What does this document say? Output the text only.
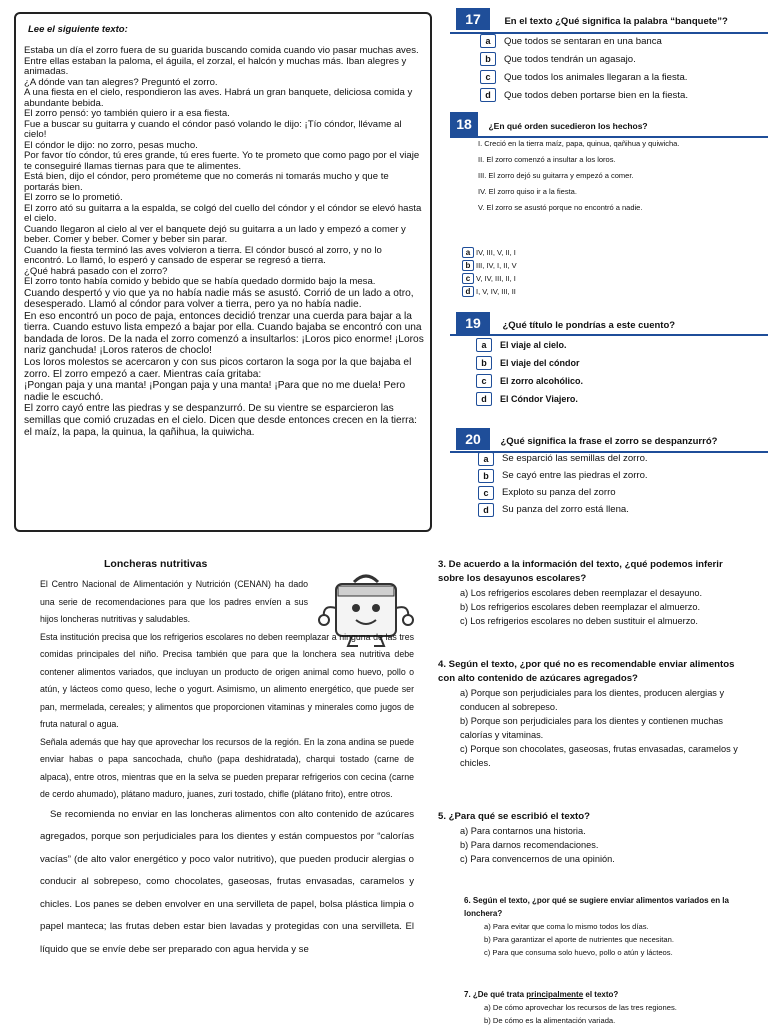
Lee el siguiente texto:

Estaba un día el zorro fuera de su guarida buscando comida cuando vio pasar muchas aves.

Entre ellas estaban la paloma, el águila, el zorzal, el halcón y muchas más. Iban alegres y animadas.

¿A dónde van tan alegres? Preguntó el zorro.

A una fiesta en el cielo, respondieron las aves. Habrá un gran banquete, deliciosa comida y abundante bebida.

El zorro pensó: yo también quiero ir a esa fiesta.

Fue a buscar su guitarra y cuando el cóndor pasó volando le dijo: ¡Tío cóndor, llévame al cielo!

El cóndor le dijo: no zorro, pesas mucho.

Por favor tío cóndor, tú eres grande, tú eres fuerte. Yo te prometo que como pago por el viaje te conseguiré llamas tiernas para que te alimentes.

Está bien, dijo el cóndor, pero prométeme que no comerás ni tomarás mucho y que te portarás bien.

El zorro se lo prometió.

El zorro ató su guitarra a la espalda, se colgó del cuello del cóndor y el cóndor se elevó hasta el cielo.

Cuando llegaron al cielo al ver el banquete dejó su guitarra a un lado y empezó a comer y beber. Comer y beber. Comer y beber sin parar.

Cuando la fiesta terminó las aves volvieron a tierra. El cóndor buscó al zorro, y no lo encontró. Lo llamó, lo esperó y cansado de esperar se regresó a tierra.

¿Qué habrá pasado con el zorro?

El zorro tonto había comido y bebido que se había quedado dormido bajo la mesa.

Cuando despertó y vio que ya no había nadie más se asustó. Corrió de un lado a otro, desesperado. Llamó al cóndor para volver a tierra, pero ya no había nadie.

En eso encontró un poco de paja, entonces decidió trenzar una cuerda para bajar a la tierra. Cuando estuvo lista empezó a bajar por ella. Cuando bajaba se encontró con una bandada de loros. De la nada el zorro comenzó a insultarlos: ¡Loros pico enorme! ¡Loros nariz ganchuda! ¡Loros rateros de choclo!

Los loros molestos se acercaron y con sus picos cortaron la soga por la que bajaba el zorro. El zorro empezó a caer. Mientras caía gritaba:

¡Pongan paja y una manta! ¡Pongan paja y una manta! ¡Para que no me duela! Pero nadie le escuchó.

El zorro cayó entre las piedras y se despanzurró. De su vientre se esparcieron las semillas que comió cruzadas en el cielo. Dicen que desde entonces crecen en la tierra: el maíz, la papa, la quinua, la qañihua, la quiwicha.

17 En el texto ¿Qué significa la palabra “banquete”?
a	Que todos se sentaran en una banca
b	Que todos tendrán un agasajo.
c	Que todos los animales llegaran a la fiesta.
d	Que todos deben portarse bien en la fiesta.
18 ¿En qué orden sucedieron los hechos?
I. Creció en la tierra maíz, papa, quinua, qañihua y quiwicha.
II. El zorro comenzó a insultar a los loros.
III. El zorro dejó su guitarra y empezó a comer.
IV. El zorro quiso ir a la fiesta.
V. El zorro se asustó porque no encontró a nadie.
a IV, III, V, II, I
b III, IV, I, II, V
c V, IV, III, II, I
d I, V, IV, III, II
19 ¿Qué título le pondrías a este cuento?
a	El viaje al cielo.
b	El viaje del cóndor
c	El zorro alcohólico.
d	El Cóndor Viajero.
20 ¿Qué significa la frase el zorro se despanzurró?
a	Se esparció las semillas del zorro.
b	Se cayó entre las piedras el zorro.
c	Exploto su panza del zorro
d	Su panza del zorro está llena.
Loncheras nutritivas

El Centro Nacional de Alimentación y Nutrición (CENAN) ha dado una serie de recomendaciones para que los padres envíen a sus hijos loncheras nutritivas y saludables.

Esta institución precisa que los refrigerios escolares no deben reemplazar a ninguna de las tres comidas principales del niño. Precisa también que para que la lonchera sea nutritiva debe contener alimentos variados, que incluyan un producto de origen animal como huevo, pollo o atún, y lácteos como queso, leche o yogurt. Asimismo, un alimento energético, que puede ser pan, mermelada, cereales; y alimentos que proporcionen vitaminas y minerales como jugos de fruta natural o agua.

Señala además que hay que aprovechar los recursos de la región. En la zona andina se puede enviar habas o papa sancochada, chuño (papa deshidratada), charqui tostado (carne de alpaca), entre otros, mientras que en la selva se pueden preparar refrigerios con cecina (carne de cerdo ahumado), plátano maduro, juanes, zuri tostado, chifle (plátano frito), entre otros.

Se recomienda no enviar en las loncheras alimentos con alto contenido de azúcares agregados, porque son perjudiciales para los dientes y están compuestos por “calorías vacías” (de alto valor energético y poco valor nutritivo), que pueden producir alergias o conducir al sobrepeso, como chocolates, gaseosas, frutas envasadas, caramelos y chicles. Los panes se deben envolver en una servilleta de papel, bolsa plástica limpia o papel manteca; las frutas deben estar bien lavadas y protegidas con una servilleta. El líquido que se envíe debe ser preparado con agua hervida y se

3. De acuerdo a la información del texto, ¿qué podemos inferir sobre los desayunos escolares?
a) Los refrigerios escolares deben reemplazar el desayuno.
b) Los refrigerios escolares deben reemplazar el almuerzo.
c) Los refrigerios escolares no deben sustituir el almuerzo.
4. Según el texto, ¿por qué no es recomendable enviar alimentos con alto contenido de azúcares agregados?
a) Porque son perjudiciales para los dientes, producen alergias y conducen al sobrepeso.
b) Porque son perjudiciales para los dientes y contienen muchas calorías y vitaminas.
c) Porque son chocolates, gaseosas, frutas envasadas, caramelos y chicles.
5. ¿Para qué se escribió el texto?
a) Para contarnos una historia.
b) Para darnos recomendaciones.
c) Para convencernos de una opinión.
6. Según el texto, ¿por qué se sugiere enviar alimentos variados en la lonchera?
a) Para evitar que coma lo mismo todos los días.
b) Para garantizar el aporte de nutrientes que necesitan.
c) Para que consuma solo huevo, pollo o atún y lácteos.
7. ¿De qué trata principalmente el texto?
a) De cómo aprovechar los recursos de las tres regiones.
b) De cómo es la alimentación variada.
